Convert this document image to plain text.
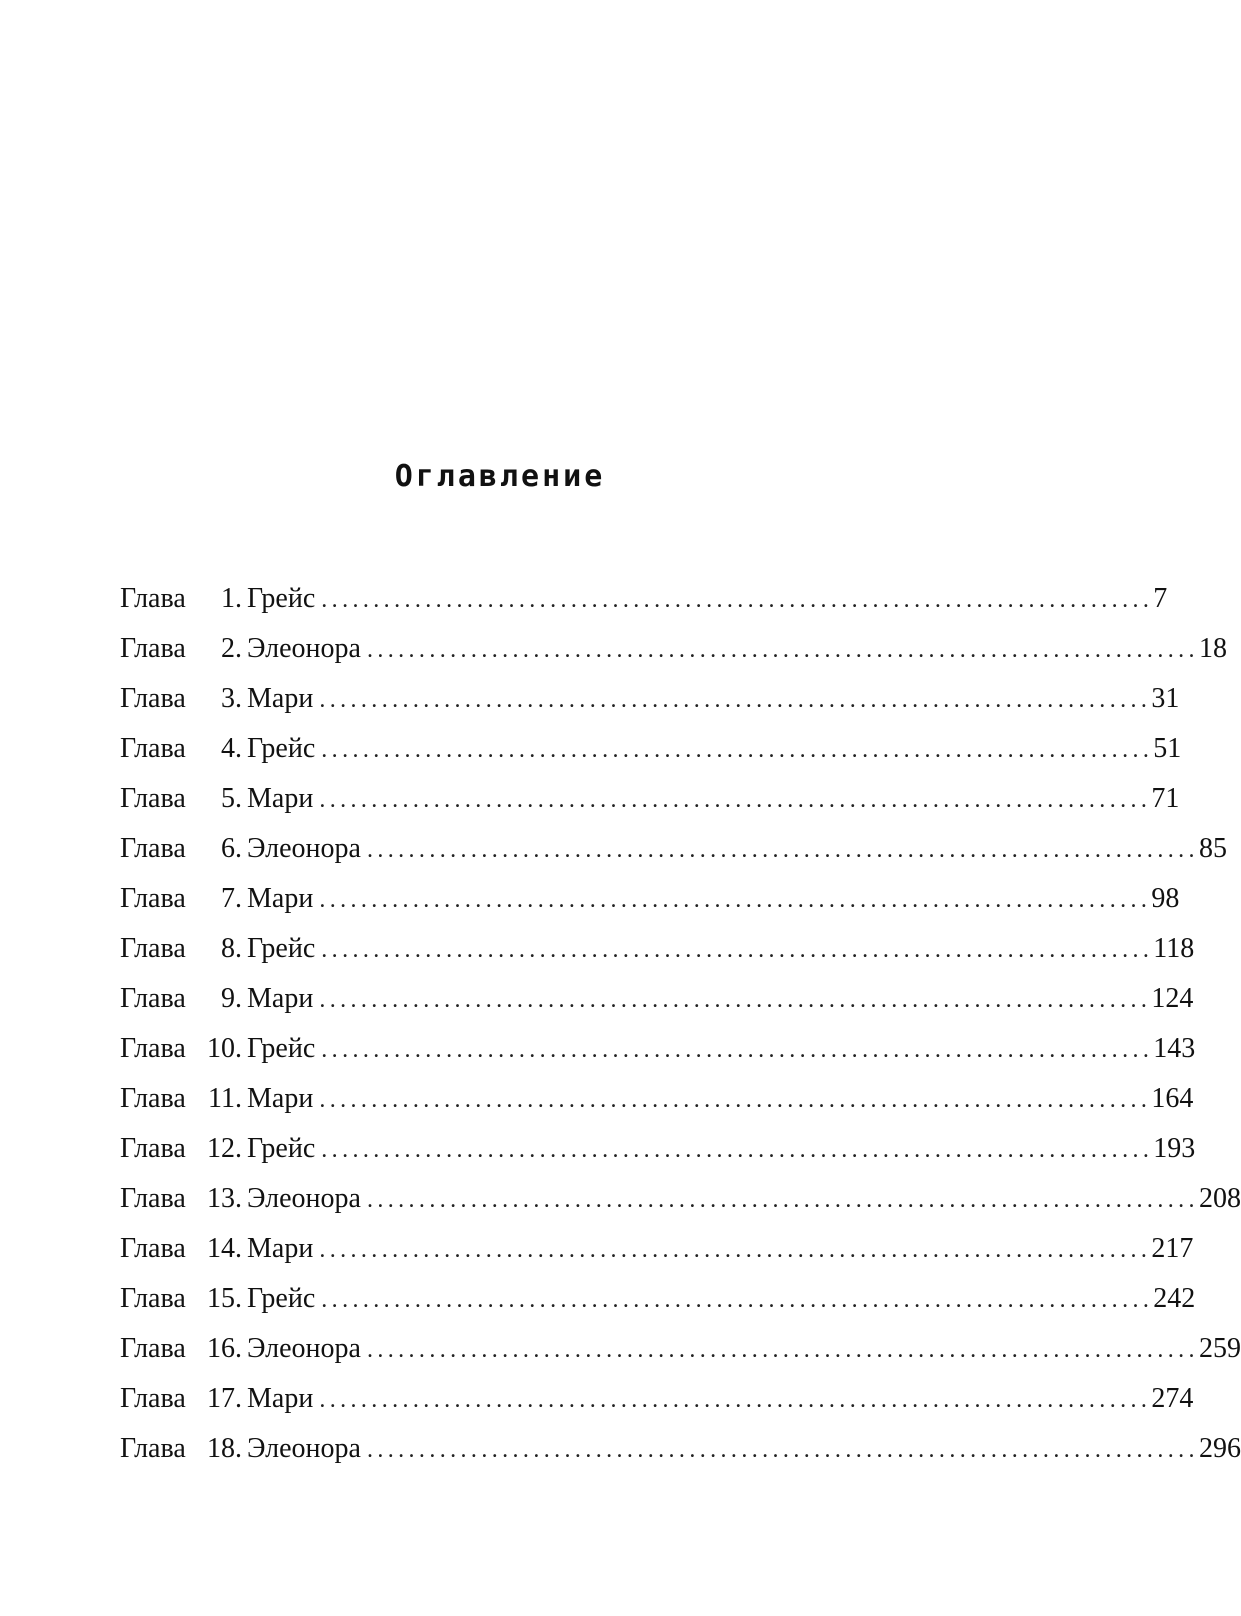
Оглавление
Глава	1. Грейс ................................................................................ 7
Глава	2. Элеонора ................................................................................ 18
Глава	3. Мари ................................................................................ 31
Глава	4. Грейс ................................................................................ 51
Глава	5. Мари ................................................................................ 71
Глава	6. Элеонора ................................................................................ 85
Глава	7. Мари ................................................................................ 98
Глава	8. Грейс ................................................................................ 118
Глава	9. Мари ................................................................................ 124
Глава 10. Грейс ................................................................................ 143
Глава 11. Мари ................................................................................ 164
Глава 12. Грейс ................................................................................ 193
Глава 13. Элеонора ................................................................................ 208
Глава 14. Мари ................................................................................ 217
Глава 15. Грейс ................................................................................ 242
Глава 16. Элеонора ................................................................................ 259
Глава 17. Мари ................................................................................ 274
Глава 18. Элеонора ................................................................................ 296
